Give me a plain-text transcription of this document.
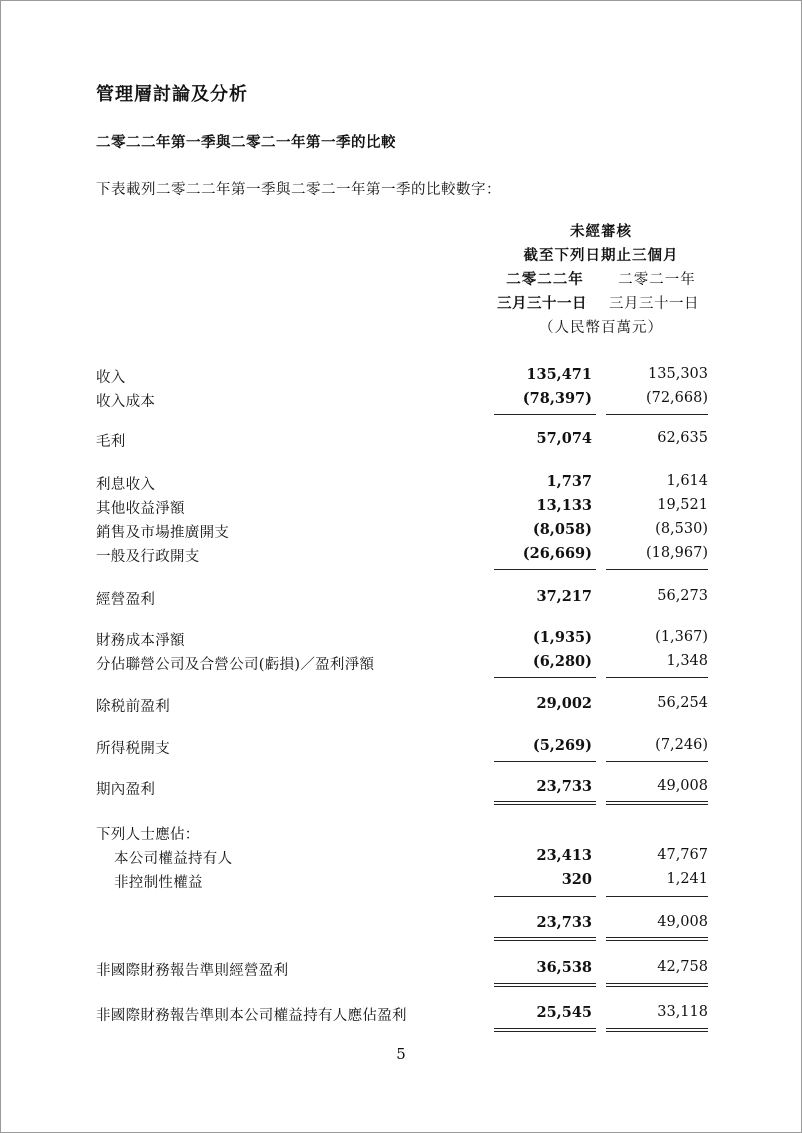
管理層討論及分析
二零二二年第一季與二零二一年第一季的比較
下表載列二零二二年第一季與二零二一年第一季的比較數字：
未經審核
截至下列日期止三個月
二零二二年	二零二一年
三月三十一日	三月三十一日
（人民幣百萬元）
收入	135,471	135,303
收入成本	(78,397)	(72,668)
毛利	57,074	62,635
利息收入	1,737	1,614
其他收益淨額	13,133	19,521
銷售及市場推廣開支	(8,058)	(8,530)
一般及行政開支	(26,669)	(18,967)
經營盈利	37,217	56,273
財務成本淨額	(1,935)	(1,367)
分佔聯營公司及合營公司(虧損)／盈利淨額	(6,280)	1,348
除税前盈利	29,002	56,254
所得税開支	(5,269)	(7,246)
期內盈利	23,733	49,008
下列人士應佔：
本公司權益持有人	23,413	47,767
非控制性權益	320	1,241
23,733	49,008
非國際財務報告準則經營盈利	36,538	42,758
非國際財務報告準則本公司權益持有人應佔盈利	25,545	33,118
5
